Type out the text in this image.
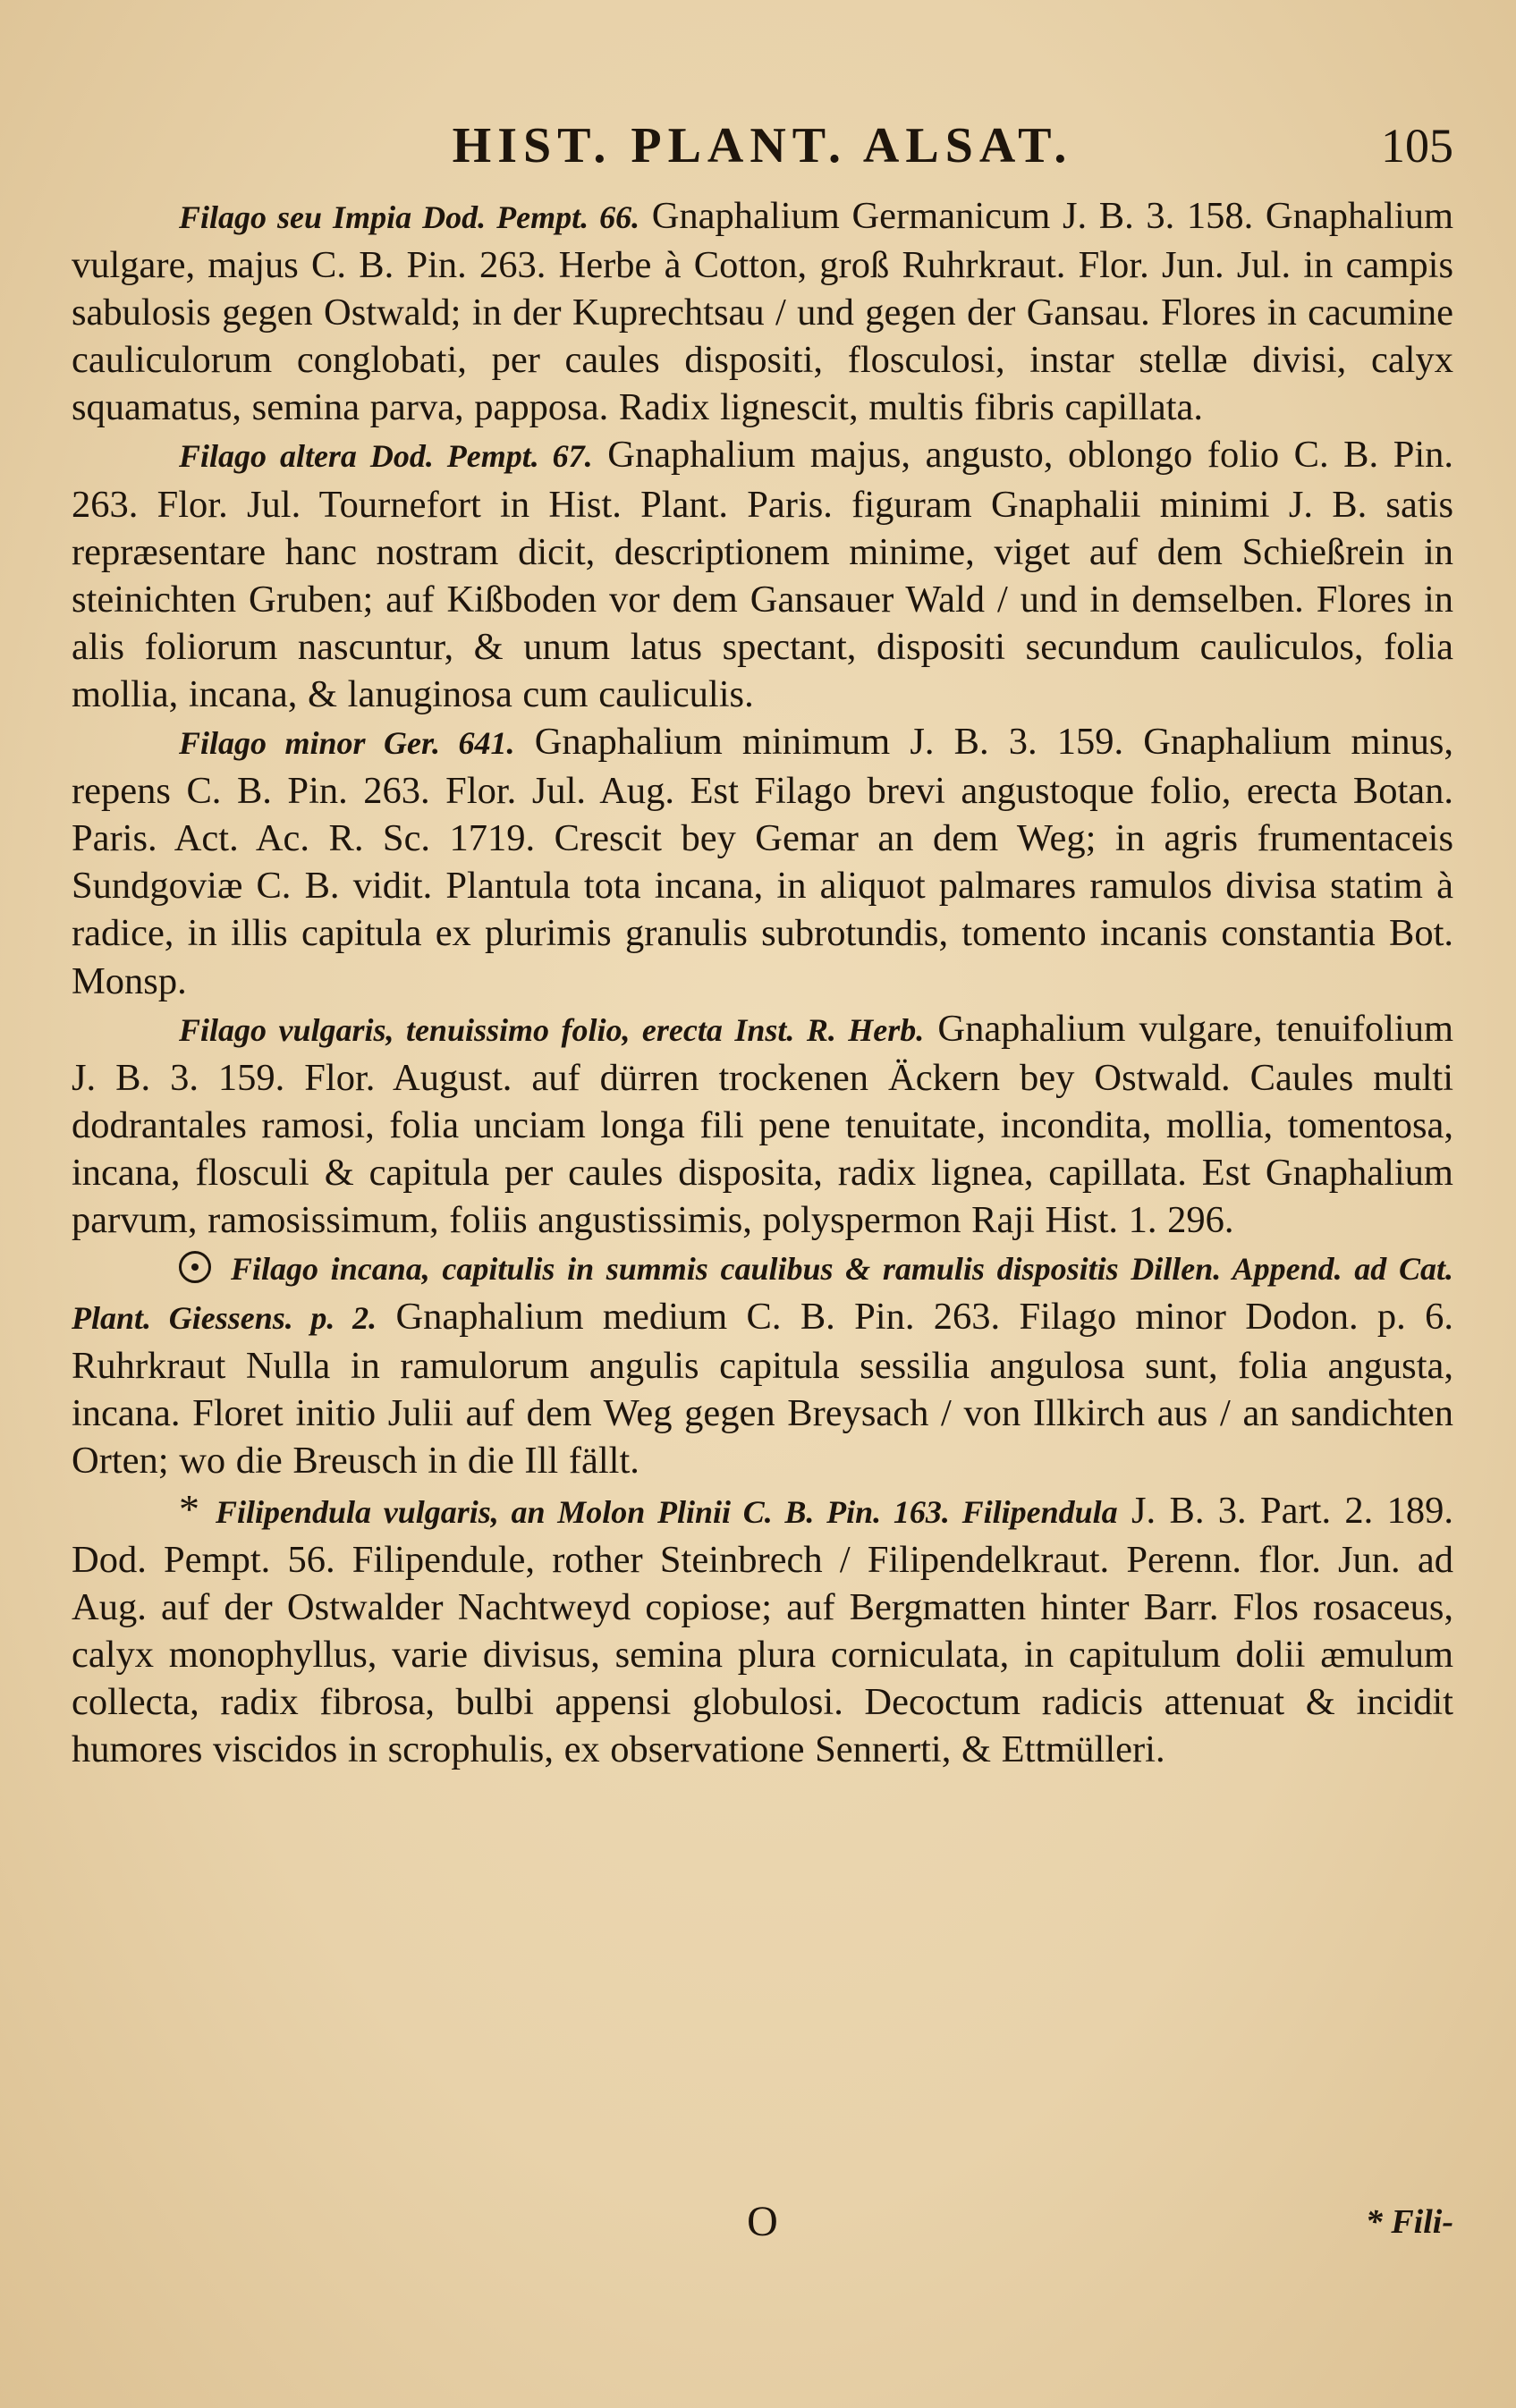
HIST. PLANT. ALSAT.	105

Filago seu Impia Dod. Pempt. 66. Gnaphalium Germanicum J. B. 3. 158. Gnaphalium vulgare, majus C. B. Pin. 263. Herbe à Cotton, groß Ruhrkraut. Flor. Jun. Jul. in campis sabulosis gegen Ostwald; in der Kuprechtsau / und gegen der Gansau. Flores in cacumine cauliculorum conglobati, per caules dispositi, flosculosi, instar stellæ divisi, calyx squamatus, semina parva, papposa. Radix lignescit, multis fibris capillata.

Filago altera Dod. Pempt. 67. Gnaphalium majus, angusto, oblongo folio C. B. Pin. 263. Flor. Jul. Tournefort in Hist. Plant. Paris. figuram Gnaphalii minimi J. B. satis repræsentare hanc nostram dicit, descriptionem minime, viget auf dem Schießrein in steinichten Gruben; auf Kißboden vor dem Gansauer Wald / und in demselben. Flores in alis foliorum nascuntur, & unum latus spectant, dispositi secundum cauliculos, folia mollia, incana, & lanuginosa cum cauliculis.

Filago minor Ger. 641. Gnaphalium minimum J. B. 3. 159. Gnaphalium minus, repens C. B. Pin. 263. Flor. Jul. Aug. Est Filago brevi angustoque folio, erecta Botan. Paris. Act. Ac. R. Sc. 1719. Crescit bey Gemar an dem Weg; in agris frumentaceis Sundgoviæ C. B. vidit. Plantula tota incana, in aliquot palmares ramulos divisa statim à radice, in illis capitula ex plurimis granulis subrotundis, tomento incanis constantia Bot. Monsp.

Filago vulgaris, tenuissimo folio, erecta Inst. R. Herb. Gnaphalium vulgare, tenuifolium J. B. 3. 159. Flor. August. auf dürren trockenen Äckern bey Ostwald. Caules multi dodrantales ramosi, folia unciam longa fili pene tenuitate, incondita, mollia, tomentosa, incana, flosculi & capitula per caules disposita, radix lignea, capillata. Est Gnaphalium parvum, ramosissimum, foliis angustissimis, polyspermon Raji Hist. 1. 296.

Filago incana, capitulis in summis caulibus & ramulis dispositis Dillen. Append. ad Cat. Plant. Giessens. p. 2. Gnaphalium medium C. B. Pin. 263. Filago minor Dodon. p. 6. Ruhrkraut Nulla in ramulorum angulis capitula sessilia angulosa sunt, folia angusta, incana. Floret initio Julii auf dem Weg gegen Breysach / von Illkirch aus / an sandichten Orten; wo die Breusch in die Ill fällt.

* Filipendula vulgaris, an Molon Plinii C. B. Pin. 163. Filipendula J. B. 3. Part. 2. 189. Dod. Pempt. 56. Filipendule, rother Steinbrech / Filipendelkraut. Perenn. flor. Jun. ad Aug. auf der Ostwalder Nachtweyd copiose; auf Bergmatten hinter Barr. Flos rosaceus, calyx monophyllus, varie divisus, semina plura corniculata, in capitulum dolii æmulum collecta, radix fibrosa, bulbi appensi globulosi. Decoctum radicis attenuat & incidit humores viscidos in scrophulis, ex observatione Sennerti, & Ettmülleri.

O	* Fili-
